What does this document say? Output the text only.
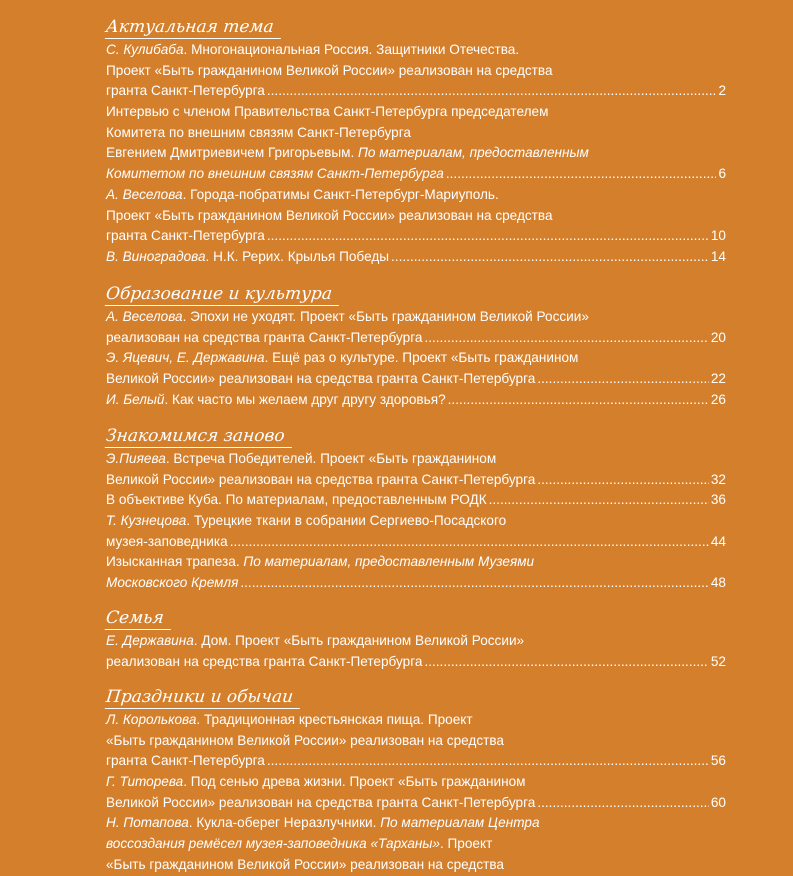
Актуальная тема
С. Кулибаба. Многонациональная Россия. Защитники Отечества.
Проект «Быть гражданином Великой России» реализован на средства
гранта Санкт-Петербурга .....	2
Интервью с членом Правительства Санкт-Петербурга председателем
Комитета по внешним связям Санкт-Петербурга
Евгением Дмитриевичем Григорьевым. По материалам, предоставленным
Комитетом по внешним связям Санкт-Петербурга .....	6
А. Веселова. Города-побратимы Санкт-Петербург-Мариуполь.
Проект «Быть гражданином Великой России» реализован на средства
гранта Санкт-Петербурга .....	10
В. Виноградова. Н.К. Рерих. Крылья Победы .....	14
Образование и культура
А. Веселова. Эпохи не уходят. Проект «Быть гражданином Великой России»
реализован на средства гранта Санкт-Петербурга .....	20
Э. Яцевич, Е. Державина. Ещё раз о культуре. Проект «Быть гражданином
Великой России» реализован на средства гранта Санкт-Петербурга .....	22
И. Белый. Как часто мы желаем друг другу здоровья? .....	26
Знакомимся заново
Э.Пияева. Встреча Победителей. Проект «Быть гражданином
Великой России» реализован на средства гранта Санкт-Петербурга .....	32
В объективе Куба. По материалам, предоставленным РОДК .....	36
Т. Кузнецова. Турецкие ткани в собрании Сергиево-Посадского
музея-заповедника .....	44
Изысканная трапеза. По материалам, предоставленным Музеями
Московского Кремля .....	48
Семья
Е. Державина. Дом. Проект «Быть гражданином Великой России»
реализован на средства гранта Санкт-Петербурга .....	52
Праздники и обычаи
Л. Королькова. Традиционная крестьянская пища. Проект
«Быть гражданином Великой России» реализован на средства
гранта Санкт-Петербурга .....	56
Г. Титорева. Под сенью древа жизни. Проект «Быть гражданином
Великой России» реализован на средства гранта Санкт-Петербурга .....	60
Н. Потапова. Кукла-оберег Неразлучники. По материалам Центра
воссоздания ремёсел музея-заповедника «Тарханы». Проект
«Быть гражданином Великой России» реализован на средства
